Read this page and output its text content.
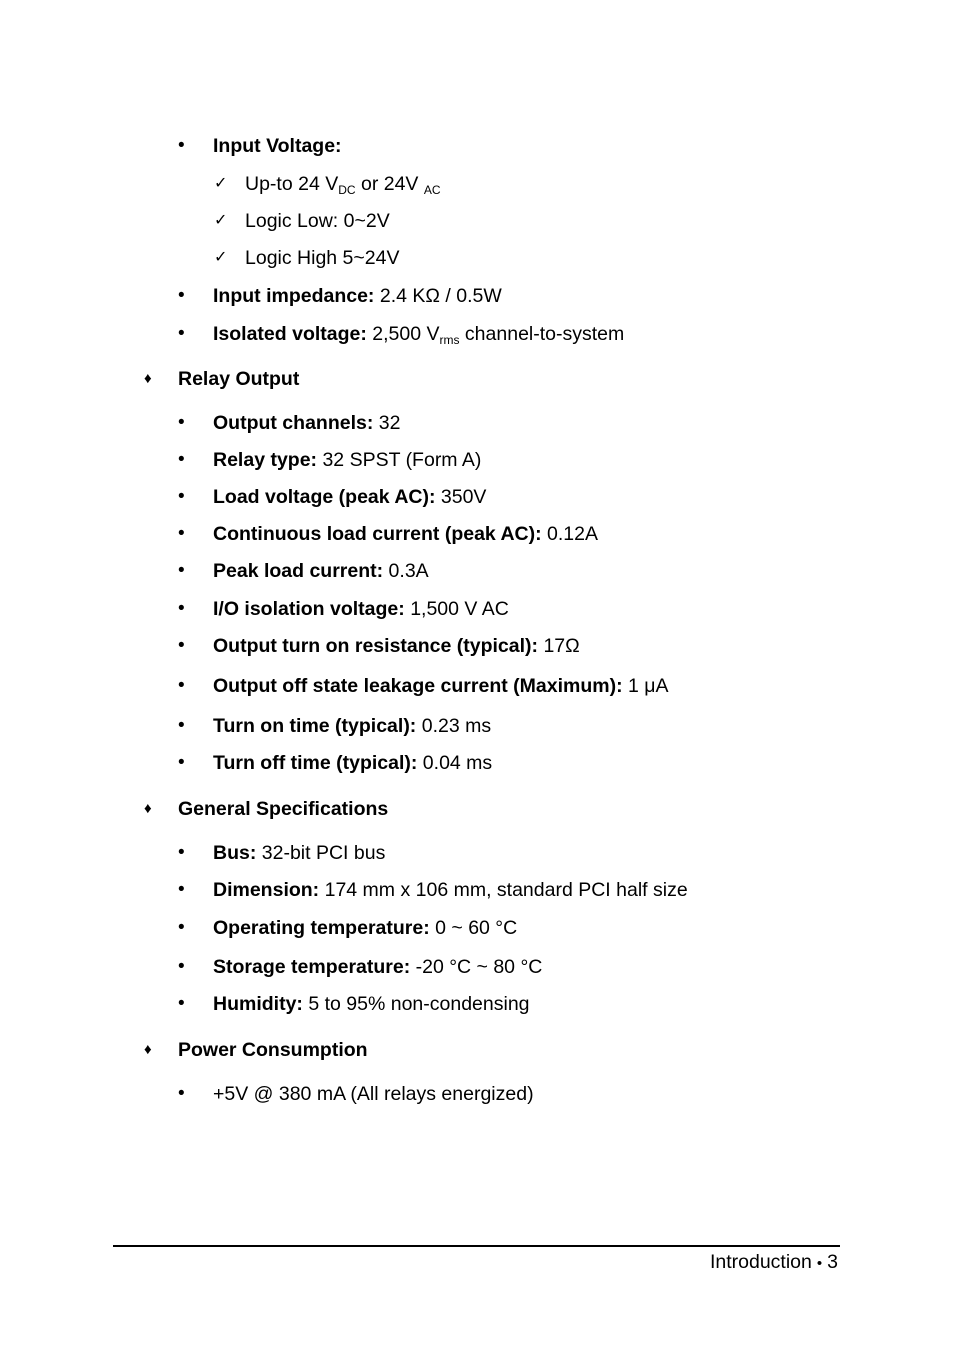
• Input Voltage:
✓ Up-to 24 $V_{DC}$ or 24V $_{AC}$
✓ Logic Low: 0~2V
✓ Logic High 5~24V
• Input impedance: 2.4 KΩ / 0.5W
• Isolated voltage: 2,500 $V_{rms}$ channel-to-system
♦ Relay Output
• Output channels: 32
• Relay type: 32 SPST (Form A)
• Load voltage (peak AC): 350V
• Continuous load current (peak AC): 0.12A
• Peak load current: 0.3A
• I/O isolation voltage: 1,500 V AC
• Output turn on resistance (typical): 17Ω
• Output off state leakage current (Maximum): 1 μA
• Turn on time (typical): 0.23 ms
• Turn off time (typical): 0.04 ms
♦ General Specifications
• Bus: 32-bit PCI bus
• Dimension: 174 mm x 106 mm, standard PCI half size
• Operating temperature: 0 ~ 60 °C
• Storage temperature: -20 °C ~ 80 °C
• Humidity: 5 to 95% non-condensing
♦ Power Consumption
• +5V @ 380 mA (All relays energized)
Introduction • 3
